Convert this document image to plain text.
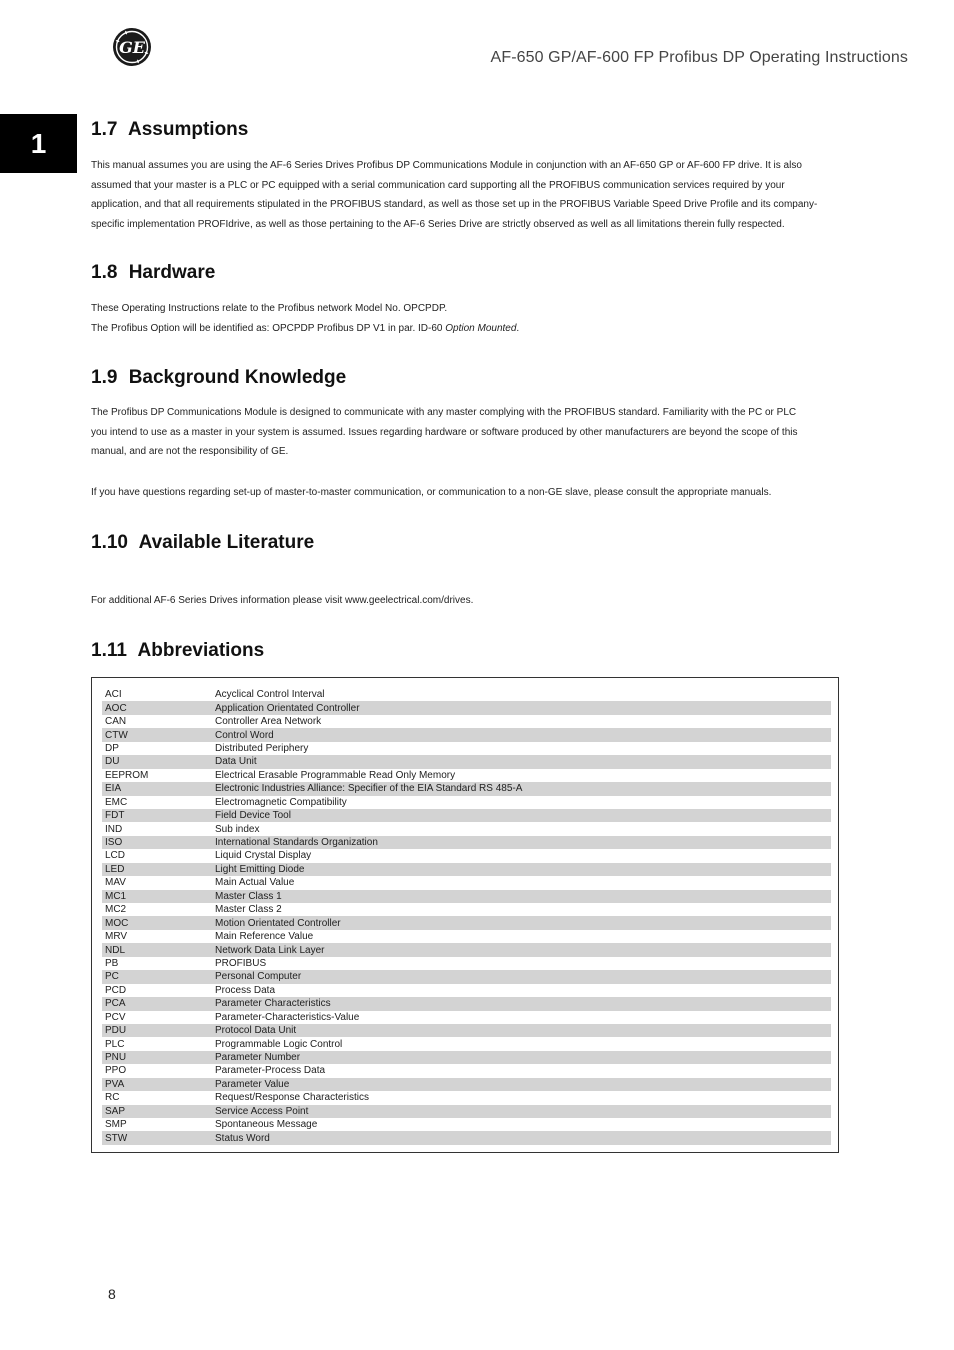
GE
AF-650 GP/AF-600 FP Profibus DP Operating Instructions
1	1.7 Assumptions

This manual assumes you are using the AF-6 Series Drives Profibus DP Communications Module in conjunction with an AF-650 GP or AF-600 FP drive. It is also
assumed that your master is a PLC or PC equipped with a serial communication card supporting all the PROFIBUS communication services required by your
application, and that all requirements stipulated in the PROFIBUS standard, as well as those set up in the PROFIBUS Variable Speed Drive Profile and its company-
specific implementation PROFIdrive, as well as those pertaining to the AF-6 Series Drive are strictly observed as well as all limitations therein fully respected.

1.8 Hardware

These Operating Instructions relate to the Profibus network Model No. OPCPDP.
The Profibus Option will be identified as: OPCPDP Profibus DP V1 in par. ID-60 Option Mounted.

1.9 Background Knowledge

The Profibus DP Communications Module is designed to communicate with any master complying with the PROFIBUS standard. Familiarity with the PC or PLC
you intend to use as a master in your system is assumed. Issues regarding hardware or software produced by other manufacturers are beyond the scope of this
manual, and are not the responsibility of GE.

If you have questions regarding set-up of master-to-master communication, or communication to a non-GE slave, please consult the appropriate manuals.

1.10 Available Literature

For additional AF-6 Series Drives information please visit www.geelectrical.com/drives.

1.11 Abbreviations
ACI	Acyclical Control Interval
AOC	Application Orientated Controller
CAN	Controller Area Network
CTW	Control Word
DP	Distributed Periphery
DU	Data Unit
EEPROM	Electrical Erasable Programmable Read Only Memory
EIA	Electronic Industries Alliance: Specifier of the EIA Standard RS 485-A
EMC	Electromagnetic Compatibility
FDT	Field Device Tool
IND	Sub index
ISO	International Standards Organization
LCD	Liquid Crystal Display
LED	Light Emitting Diode
MAV	Main Actual Value
MC1	Master Class 1
MC2	Master Class 2
MOC	Motion Orientated Controller
MRV	Main Reference Value
NDL	Network Data Link Layer
PB	PROFIBUS
PC	Personal Computer
PCD	Process Data
PCA	Parameter Characteristics
PCV	Parameter-Characteristics-Value
PDU	Protocol Data Unit
PLC	Programmable Logic Control
PNU	Parameter Number
PPO	Parameter-Process Data
PVA	Parameter Value
RC	Request/Response Characteristics
SAP	Service Access Point
SMP	Spontaneous Message
STW	Status Word
8
